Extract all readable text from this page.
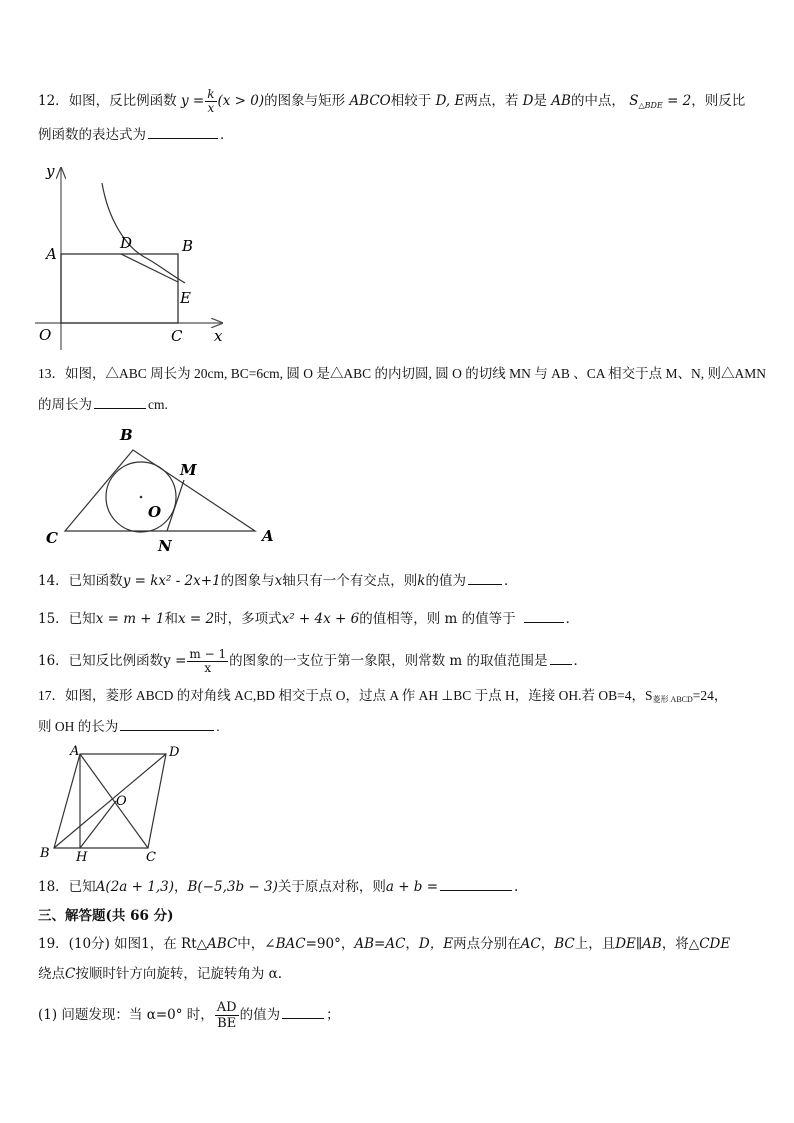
12．如图，反比例函数 $y = \frac{k}{x} (x > 0)$的图象与矩形 ABCO相较于 D, E两点，若 D是 AB的中点， $S_{\triangle BDE} = 2$，则反比
例函数的表达式为	．
y
A
D	B
E
O	C x
13．如图，△ABC 周长为 20cm, BC=6cm, 圆 O 是△ABC 的内切圆, 圆 O 的切线 MN 与 AB 、CA 相交于点 M、N, 则△AMN
的周长为	cm.
B
M
O
C	N
A
14．已知函数y = kx² - 2x+1的图象与x轴只有一个有交点，则k的值为	．
15．已知x = m + 1和x = 2时，多项式x² + 4x + 6的值相等，则 m 的值等于	．
16．已知反比例函数$y = \frac{m - 1}{x}$ 的图象的一支位于第一象限，则常数 m 的取值范围是 ．
17．如图，菱形 ABCD 的对角线 AC,BD 相交于点 O，过点 A 作 AH ⊥BC 于点 H，连接 OH.若 OB=4，S菱形 ABCD=24，
则 OH 的长为	.
A	D
O
B H	C
18．已知A(2a + 1,3)，B(−5,3b − 3)关于原点对称，则a + b =	.
三、解答题(共 66 分)
19．(10分) 如图1，在 Rt△ABC中，∠BAC=90°，AB=AC，D，E两点分别在AC，BC上，且DE∥AB，将△CDE
绕点C按顺时针方向旋转，记旋转角为 α.
(1) 问题发现：当 α=0° 时， $\frac{AD}{BE}$ 的值为	；
